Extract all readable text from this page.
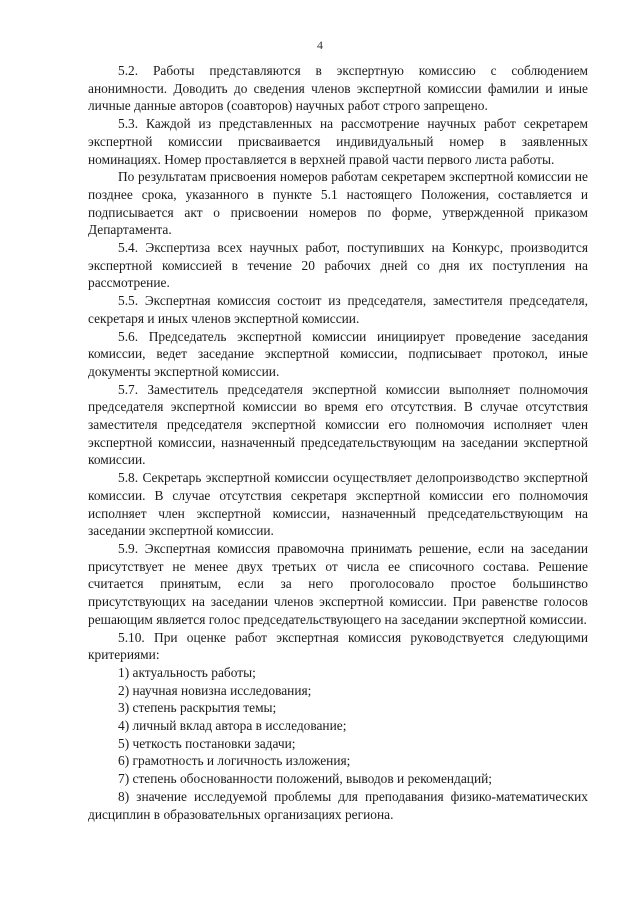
4

5.2. Работы представляются в экспертную комиссию с соблюдением анонимности. Доводить до сведения членов экспертной комиссии фамилии и иные личные данные авторов (соавторов) научных работ строго запрещено.

5.3. Каждой из представленных на рассмотрение научных работ секретарем экспертной комиссии присваивается индивидуальный номер в заявленных номинациях. Номер проставляется в верхней правой части первого листа работы.

По результатам присвоения номеров работам секретарем экспертной комиссии не позднее срока, указанного в пункте 5.1 настоящего Положения, составляется и подписывается акт о присвоении номеров по форме, утвержденной приказом Департамента.

5.4. Экспертиза всех научных работ, поступивших на Конкурс, производится экспертной комиссией в течение 20 рабочих дней со дня их поступления на рассмотрение.

5.5. Экспертная комиссия состоит из председателя, заместителя председателя, секретаря и иных членов экспертной комиссии.

5.6. Председатель экспертной комиссии инициирует проведение заседания комиссии, ведет заседание экспертной комиссии, подписывает протокол, иные документы экспертной комиссии.

5.7. Заместитель председателя экспертной комиссии выполняет полномочия председателя экспертной комиссии во время его отсутствия. В случае отсутствия заместителя председателя экспертной комиссии его полномочия исполняет член экспертной комиссии, назначенный председательствующим на заседании экспертной комиссии.

5.8. Секретарь экспертной комиссии осуществляет делопроизводство экспертной комиссии. В случае отсутствия секретаря экспертной комиссии его полномочия исполняет член экспертной комиссии, назначенный председательствующим на заседании экспертной комиссии.

5.9. Экспертная комиссия правомочна принимать решение, если на заседании присутствует не менее двух третьих от числа ее списочного состава. Решение считается принятым, если за него проголосовало простое большинство присутствующих на заседании членов экспертной комиссии. При равенстве голосов решающим является голос председательствующего на заседании экспертной комиссии.

5.10. При оценке работ экспертная комиссия руководствуется следующими критериями:

1) актуальность работы;

2) научная новизна исследования;

3) степень раскрытия темы;

4) личный вклад автора в исследование;

5) четкость постановки задачи;

6) грамотность и логичность изложения;

7) степень обоснованности положений, выводов и рекомендаций;

8) значение исследуемой проблемы для преподавания физико-математических дисциплин в образовательных организациях региона.
